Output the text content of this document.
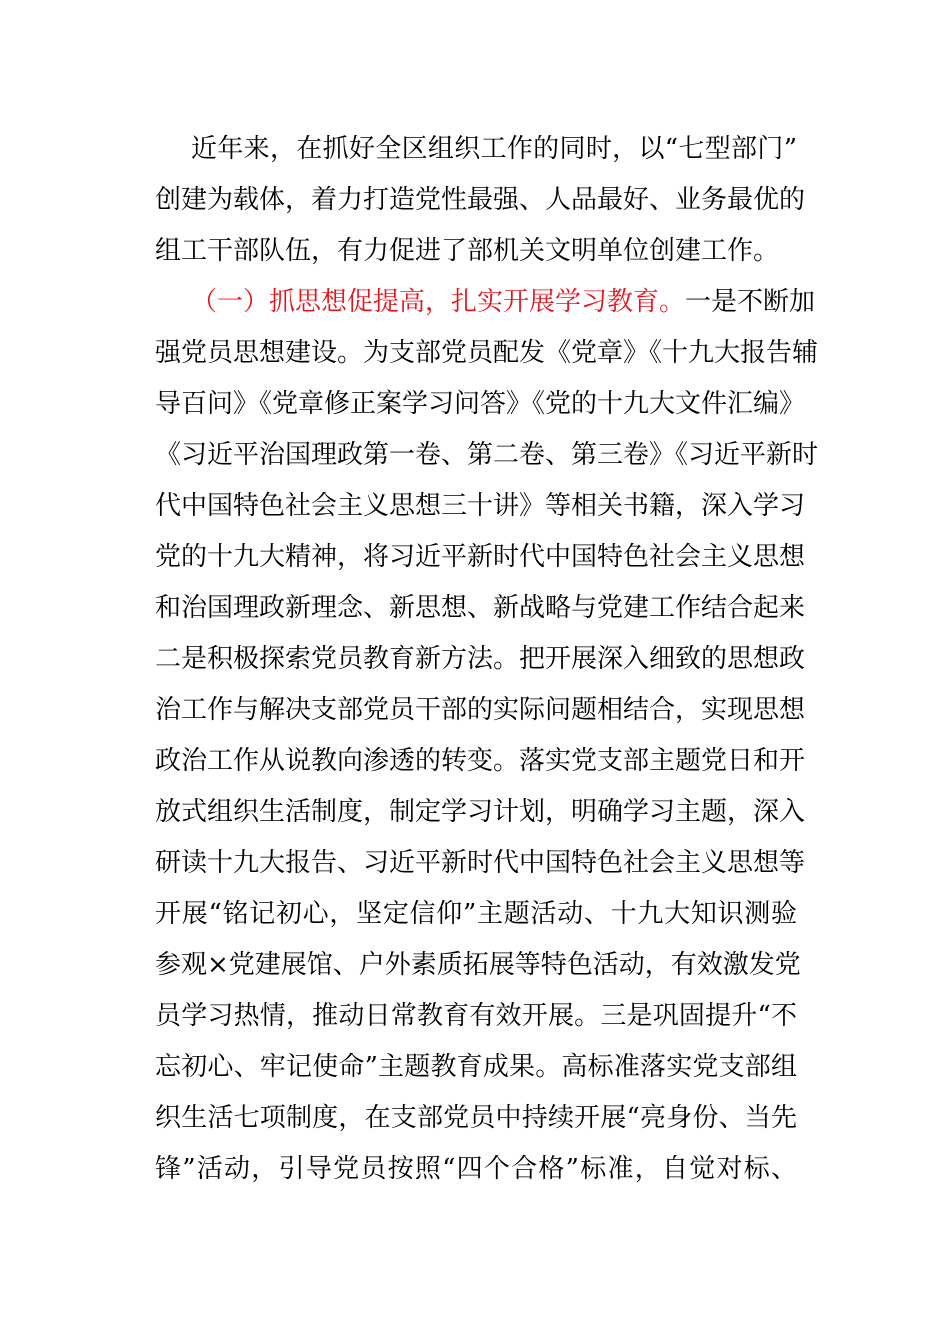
近年来，在抓好全区组织工作的同时，以“七型部门”
创建为载体，着力打造党性最强、人品最好、业务最优的
组工干部队伍，有力促进了部机关文明单位创建工作。
（一）抓思想促提高，扎实开展学习教育。一是不断加
强党员思想建设。为支部党员配发《党章》《十九大报告辅
导百问》《党章修正案学习问答》《党的十九大文件汇编》
《习近平治国理政第一卷、第二卷、第三卷》《习近平新时
代中国特色社会主义思想三十讲》等相关书籍，深入学习
党的十九大精神，将习近平新时代中国特色社会主义思想
和治国理政新理念、新思想、新战略与党建工作结合起来
二是积极探索党员教育新方法。把开展深入细致的思想政
治工作与解决支部党员干部的实际问题相结合，实现思想
政治工作从说教向渗透的转变。落实党支部主题党日和开
放式组织生活制度，制定学习计划，明确学习主题，深入
研读十九大报告、习近平新时代中国特色社会主义思想等
开展“铭记初心，坚定信仰”主题活动、十九大知识测验
参观×党建展馆、户外素质拓展等特色活动，有效激发党
员学习热情，推动日常教育有效开展。三是巩固提升“不
忘初心、牢记使命”主题教育成果。高标准落实党支部组
织生活七项制度，在支部党员中持续开展“亮身份、当先
锋”活动，引导党员按照“四个合格”标准，自觉对标、
